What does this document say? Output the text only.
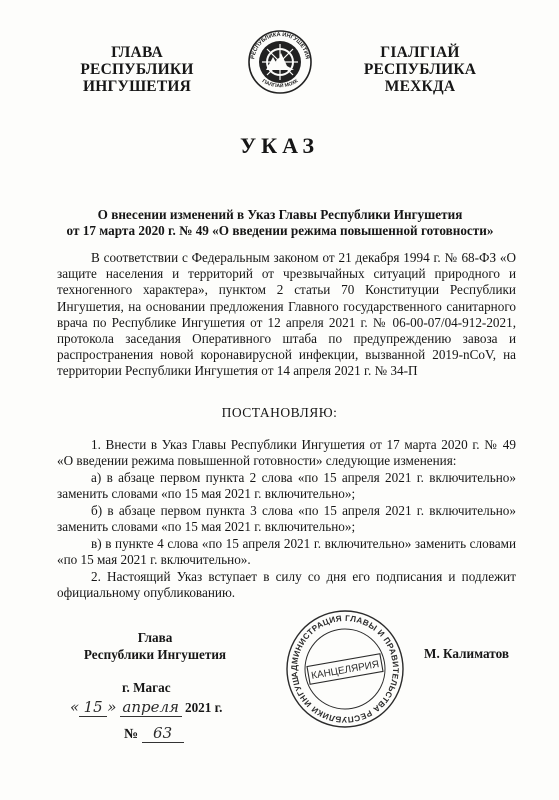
ГЛАВА
РЕСПУБЛИКИ
ИНГУШЕТИЯ
РЕСПУБЛИКА ИНГУШЕТИЯ
ГIАЛГIАЙ МОХК
ГIАЛГIАЙ
РЕСПУБЛИКА
МЕХКДА
УКАЗ
О внесении изменений в Указ Главы Республики Ингушетия
от 17 марта 2020 г. № 49 «О введении режима повышенной готовности»

В соответствии с Федеральным законом от 21 декабря 1994 г. № 68-ФЗ «О защите населения и территорий от чрезвычайных ситуаций природного и техногенного характера», пунктом 2 статьи 70 Конституции Республики Ингушетия, на основании предложения Главного государственного санитарного врача по Республике Ингушетия от 12 апреля 2021 г. № 06-00-07/04-912-2021, протокола заседания Оперативного штаба по предупреждению завоза и распространения новой коронавирусной инфекции, вызванной 2019-nCoV, на территории Республики Ингушетия от 14 апреля 2021 г. № 34-П

ПОСТАНОВЛЯЮ:

1. Внести в Указ Главы Республики Ингушетия от 17 марта 2020 г. № 49 «О введении режима повышенной готовности» следующие изменения:

а) в абзаце первом пункта 2 слова «по 15 апреля 2021 г. включительно» заменить словами «по 15 мая 2021 г. включительно»;

б) в абзаце первом пункта 3 слова «по 15 апреля 2021 г. включительно» заменить словами «по 15 мая 2021 г. включительно»;

в) в пункте 4 слова «по 15 апреля 2021 г. включительно» заменить словами «по 15 мая 2021 г. включительно».

2. Настоящий Указ вступает в силу со дня его подписания и подлежит официальному опубликованию.

Глава
Республики Ингушетия	М. Калиматов
г. Магас
« 15 » апреля 2021 г.
№ 63
АДМИНИСТРАЦИЯ ГЛАВЫ И ПРАВИТЕЛЬСТВА РЕСПУБЛИКИ ИНГУШЕТИЯ
КАНЦЕЛЯРИЯ
